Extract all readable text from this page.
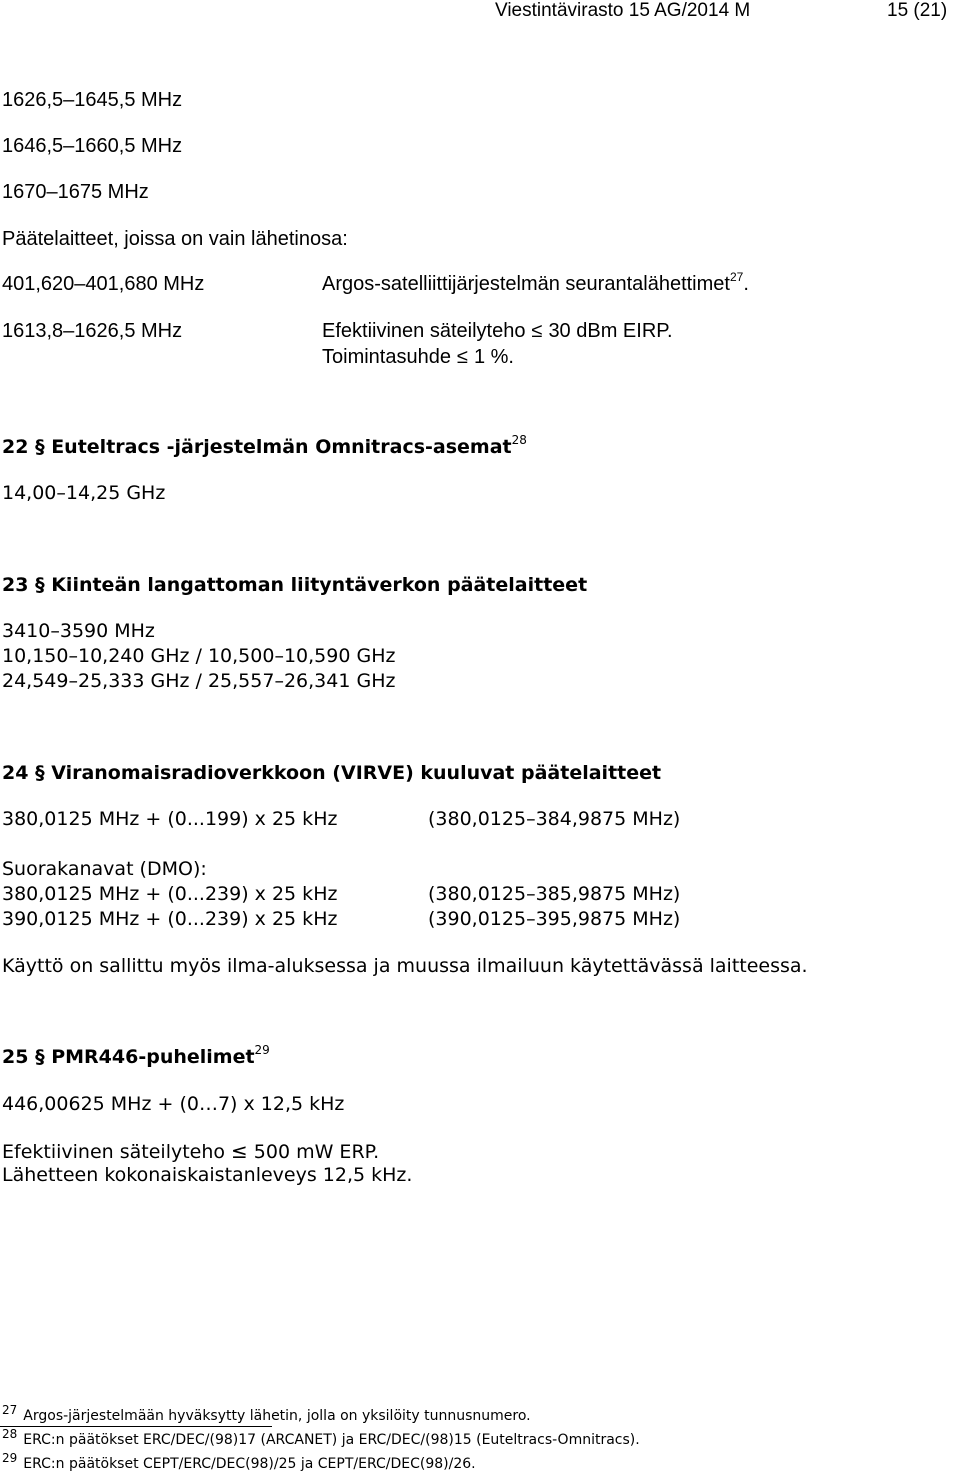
Viestintävirasto 15 AG/2014 M	15 (21)
1626,5–1645,5 MHz
1646,5–1660,5 MHz
1670–1675 MHz
Päätelaitteet, joissa on vain lähetinosa:
401,620–401,680 MHz	Argos-satelliittijärjestelmän seurantalähettimet$^{27}$.
1613,8–1626,5 MHz	Efektiivinen säteilyteho ≤ 30 dBm EIRP.
Toimintasuhde ≤ 1 %.
22 § Euteltracs -järjestelmän Omnitracs-asemat$^{28}$
14,00–14,25 GHz
23 § Kiinteän langattoman liityntäverkon päätelaitteet
3410–3590 MHz
10,150–10,240 GHz / 10,500–10,590 GHz
24,549–25,333 GHz / 25,557–26,341 GHz
24 § Viranomaisradioverkkoon (VIRVE) kuuluvat päätelaitteet
380,0125 MHz + (0...199) x 25 kHz	(380,0125–384,9875 MHz)
Suorakanavat (DMO):
380,0125 MHz + (0...239) x 25 kHz	(380,0125–385,9875 MHz)
390,0125 MHz + (0...239) x 25 kHz	(390,0125–395,9875 MHz)
Käyttö on sallittu myös ilma-aluksessa ja muussa ilmailuun käytettävässä laitteessa.
25 § PMR446-puhelimet$^{29}$
446,00625 MHz + (0…7) x 12,5 kHz
Efektiivinen säteilyteho ≤ 500 mW ERP.
Lähetteen kokonaiskaistanleveys 12,5 kHz.
27 Argos-järjestelmään hyväksytty lähetin, jolla on yksilöity tunnusnumero.
28 ERC:n päätökset ERC/DEC/(98)17 (ARCANET) ja ERC/DEC/(98)15 (Euteltracs-Omnitracs).
29 ERC:n päätökset CEPT/ERC/DEC(98)/25 ja CEPT/ERC/DEC(98)/26.
